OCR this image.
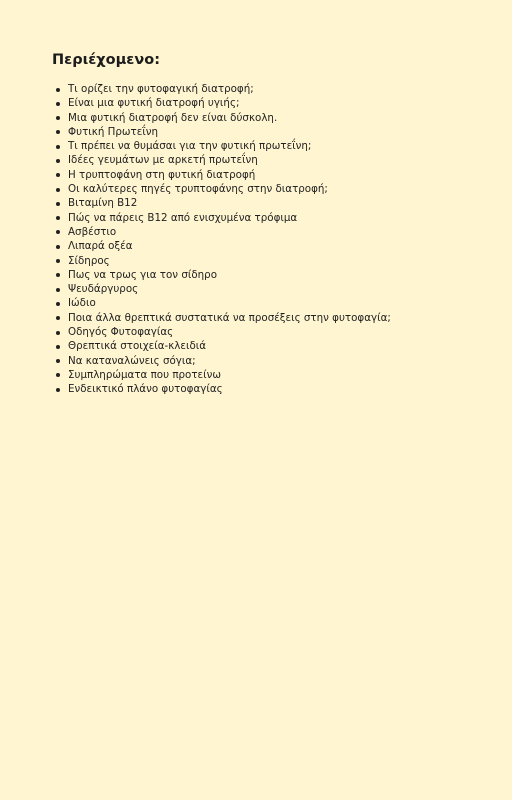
Περιέχομενο:
Τι ορίζει την φυτοφαγική διατροφή;
Είναι μια φυτική διατροφή υγιής;
Μια φυτική διατροφή δεν είναι δύσκολη.
Φυτική Πρωτεΐνη
Τι πρέπει να θυμάσαι για την φυτική πρωτεΐνη;
Ιδέες γευμάτων με αρκετή πρωτεΐνη
Η τρυπτοφάνη στη φυτική διατροφή
Οι καλύτερες πηγές τρυπτοφάνης στην διατροφή;
Βιταμίνη B12
Πώς να πάρεις B12 από ενισχυμένα τρόφιμα
Ασβέστιο
Λιπαρά οξέα
Σίδηρος
Πως να τρως για τον σίδηρο
Ψευδάργυρος
Ιώδιο
Ποια άλλα θρεπτικά συστατικά να προσέξεις στην φυτοφαγία;
Οδηγός Φυτοφαγίας
Θρεπτικά στοιχεία-κλειδιά
Να καταναλώνεις σόγια;
Συμπληρώματα που προτείνω
Ενδεικτικό πλάνο φυτοφαγίας
